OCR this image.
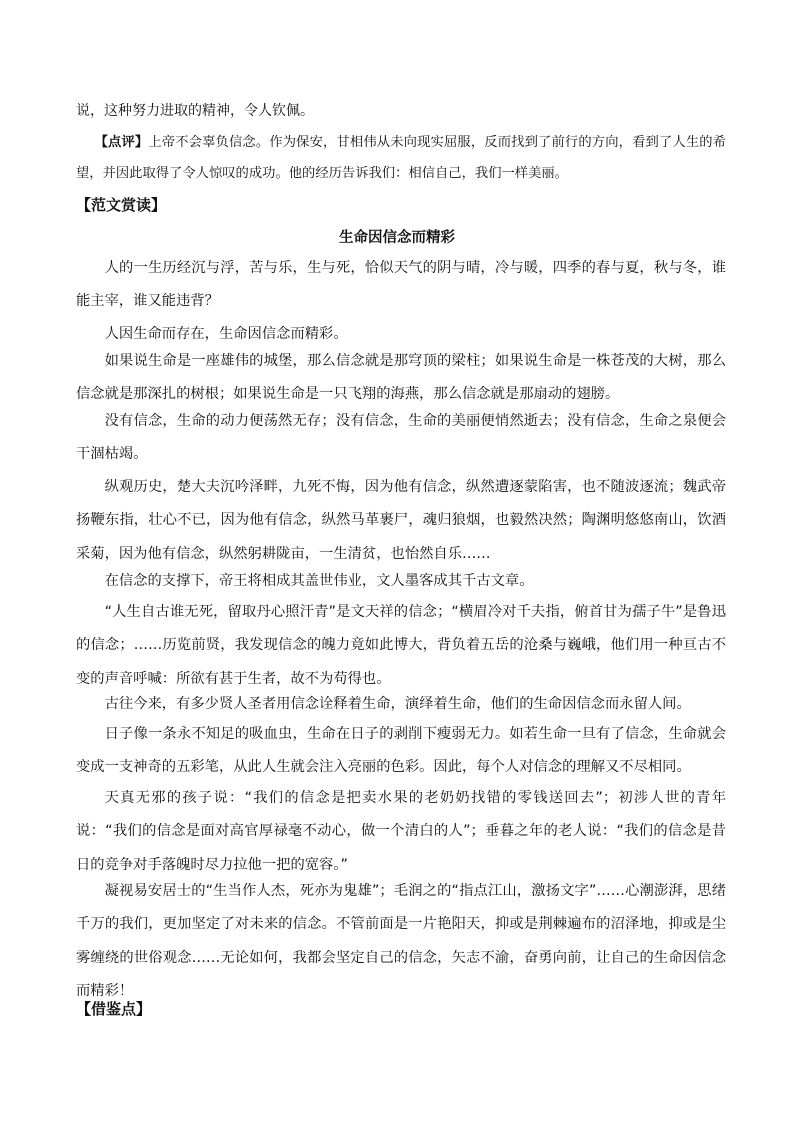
说，这种努力进取的精神，令人钦佩。
【点评】上帝不会辜负信念。作为保安，甘相伟从未向现实屈服，反而找到了前行的方向，看到了人生的希望，并因此取得了令人惊叹的成功。他的经历告诉我们：相信自己，我们一样美丽。
【范文赏读】
生命因信念而精彩
人的一生历经沉与浮，苦与乐，生与死，恰似天气的阴与晴，冷与暖，四季的春与夏，秋与冬，谁能主宰，谁又能违背？
人因生命而存在，生命因信念而精彩。
如果说生命是一座雄伟的城堡，那么信念就是那穹顶的梁柱；如果说生命是一株苍茂的大树，那么信念就是那深扎的树根；如果说生命是一只飞翔的海燕，那么信念就是那扇动的翅膀。
没有信念，生命的动力便荡然无存；没有信念，生命的美丽便悄然逝去；没有信念，生命之泉便会干涸枯竭。
纵观历史，楚大夫沉吟泽畔，九死不悔，因为他有信念，纵然遭逐蒙陷害，也不随波逐流；魏武帝扬鞭东指，壮心不已，因为他有信念，纵然马革裹尸，魂归狼烟，也毅然决然；陶渊明悠悠南山，饮酒采菊，因为他有信念，纵然躬耕陇亩，一生清贫，也怡然自乐……
在信念的支撑下，帝王将相成其盖世伟业，文人墨客成其千古文章。
“人生自古谁无死，留取丹心照汗青”是文天祥的信念；“横眉冷对千夫指，俯首甘为孺子牛”是鲁迅的信念；……历览前贤，我发现信念的魄力竟如此博大，背负着五岳的沧桑与巍峨，他们用一种亘古不变的声音呼喊：所欲有甚于生者，故不为苟得也。
古往今来，有多少贤人圣者用信念诠释着生命，演绎着生命，他们的生命因信念而永留人间。
日子像一条永不知足的吸血虫，生命在日子的剥削下瘦弱无力。如若生命一旦有了信念，生命就会变成一支神奇的五彩笔，从此人生就会注入亮丽的色彩。因此，每个人对信念的理解又不尽相同。
天真无邪的孩子说：“我们的信念是把卖水果的老奶奶找错的零钱送回去”；初涉人世的青年说：“我们的信念是面对高官厚禄毫不动心，做一个清白的人”；垂暮之年的老人说：“我们的信念是昔日的竞争对手落魄时尽力拉他一把的宽容。”
凝视易安居士的“生当作人杰，死亦为鬼雄”；毛润之的“指点江山，激扬文字”……心潮澎湃，思绪千万的我们，更加坚定了对未来的信念。不管前面是一片艳阳天，抑或是荆棘遍布的沼泽地，抑或是尘雾缠绕的世俗观念……无论如何，我都会坚定自己的信念，矢志不渝，奋勇向前，让自己的生命因信念而精彩！
【借鉴点】
